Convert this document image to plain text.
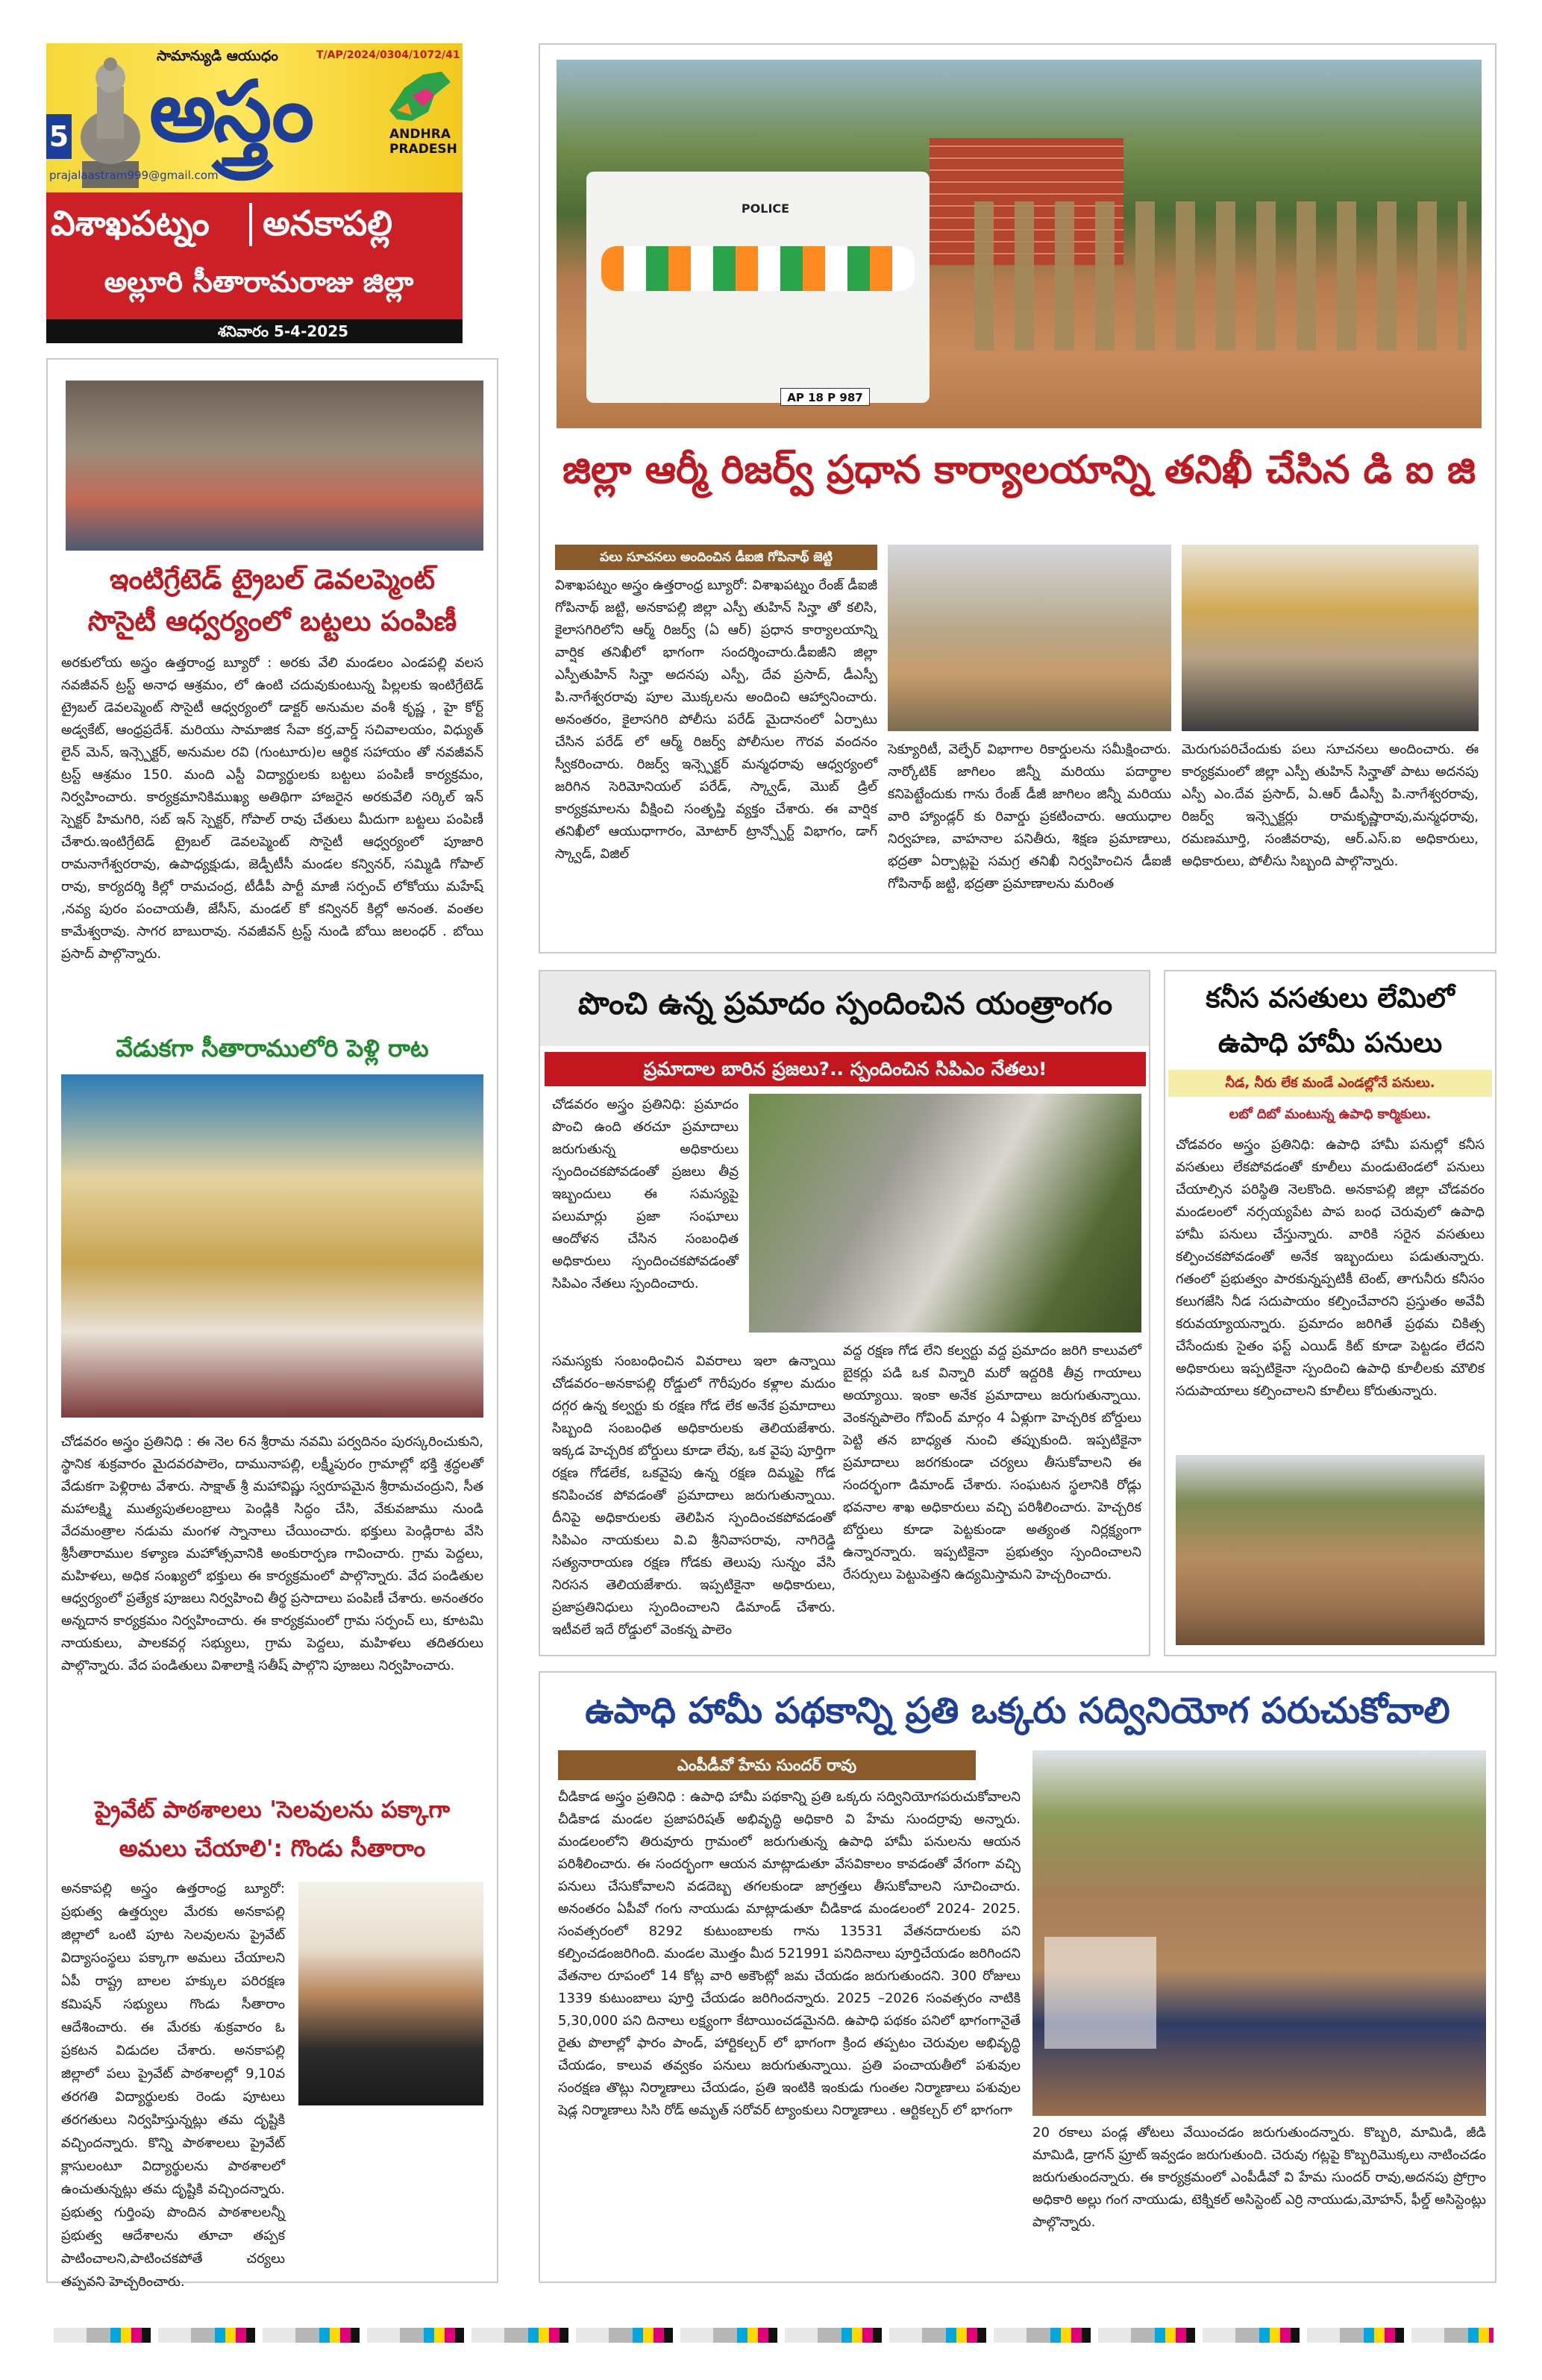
5
సామాన్యుడి ఆయుధం	T/AP/2024/0304/1072/41
అస్త్రం	ANDHRA PRADESH
prajalaastram999@gmail.com
విశాఖపట్నం	అనకాపల్లి
అల్లూరి సీతారామరాజు జిల్లా
శనివారం 5-4-2025
ఇంటిగ్రేటెడ్ ట్రైబల్ డెవలప్మెంట్
సొసైటీ ఆధ్వర్యంలో బట్టలు పంపిణీ
అరకులోయ అస్త్రం ఉత్తరాంధ్ర బ్యూరో : అరకు వేలి మండలం ఎండపల్లి వలస నవజీవన్ ట్రస్ట్ అనాధ ఆశ్రమం, లో ఉంటి చదువుకుంటున్న పిల్లలకు ఇంటిగ్రేటెడ్ ట్రైబల్ డెవలప్మెంట్ సొసైటీ ఆధ్వర్యంలో డాక్టర్ అనుమల వంశీ కృష్ణ , హై కోర్ట్ అడ్వకేట్, ఆంధ్రప్రదేశ్. మరియు సామాజిక సేవా కర్త,వార్డ్ సచివాలయం, విధ్యుత్ లైన్ మెన్, ఇన్స్పెక్టర్, అనుమల రవి (గుంటూరు)ల ఆర్థిక సహాయం తో నవజీవన్ ట్రస్ట్ ఆశ్రమం 150. మంది ఎస్టీ విద్యార్థులకు బట్టలు పంపిణీ కార్యక్రమం, నిర్వహించారు. కార్యక్రమానికిముఖ్య అతిథిగా హాజరైన అరకువేలి సర్కిల్ ఇన్ స్పెక్టర్ హిమగిరి, సబ్ ఇన్ స్పెక్టర్, గోపాల్ రావు చేతులు మీదుగా బట్టలు పంపిణీ చేశారు.ఇంటిగ్రేటెడ్ ట్రైబల్ డెవలప్మెంట్ సొసైటీ ఆధ్వర్యంలో పూజారి రామనాగేశ్వరరావు, ఉపాధ్యక్షుడు, జెడ్పీటీసీ మండల కన్వినర్, సమ్మిడి గోపాల్ రావు, కార్యదర్శి కిల్లో రామచంద్ర, టీడీపీ పార్టీ మాజీ సర్పంచ్ లోకోయు మహేష్ ,నవ్య పురం పంచాయతీ, జేసీస్, మండల్ కో కన్వినర్ కిల్లో అనంత. వంతల కామేశ్వరావు. సాగర బాబురావు. నవజీవన్ ట్రస్ట్ నుండి బోయి జలంధర్ . బోయి ప్రసాద్ పాల్గొన్నారు.
వేడుకగా సీతారాములోరి పెళ్లి రాట
చోడవరం అస్త్రం ప్రతినిధి : ఈ నెల 6న శ్రీరామ నవమి పర్వదినం పురస్కరించుకుని, స్థానిక శుక్రవారం మైదవరపాలెం, దామునాపల్లి, లక్ష్మీపురం గ్రామాల్లో భక్తి శ్రద్ధలతో వేడుకగా పెళ్లిరాట వేశారు. సాక్షాత్ శ్రీ మహావిష్ణు స్వరూపమైన శ్రీరామచంద్రుని, సీత మహాలక్ష్మి ముత్యపుతలంబ్రాలు పెండ్లికి సిద్ధం చేసి, వేకువజాము నుండి వేదమంత్రాల నడుమ మంగళ స్నానాలు చేయించారు. భక్తులు పెండ్లిరాట వేసి శ్రీసీతారాముల కళ్యాణ మహోత్సవానికి అంకురార్పణ గావించారు. గ్రామ పెద్దలు, మహిళలు, అధిక సంఖ్యలో భక్తులు ఈ కార్యక్రమంలో పాల్గొన్నారు. వేద పండితుల ఆధ్వర్యంలో ప్రత్యేక పూజలు నిర్వహించి తీర్థ ప్రసాదాలు పంపిణీ చేశారు. అనంతరం అన్నదాన కార్యక్రమం నిర్వహించారు. ఈ కార్యక్రమంలో గ్రామ సర్పంచ్ లు, కూటమి నాయకులు, పాలకవర్గ సభ్యులు, గ్రామ పెద్దలు, మహిళలు తదితరులు పాల్గొన్నారు. వేద పండితులు విశాలాక్షి సతీష్ పాల్గొని పూజలు నిర్వహించారు.
ప్రైవేట్ పాఠశాలలు 'సెలవులను పక్కాగా
అమలు చేయాలి': గొండు సీతారాం
అనకాపల్లి అస్త్రం ఉత్తరాంధ్ర బ్యూరో: ప్రభుత్వ ఉత్తర్వుల మేరకు అనకాపల్లి జిల్లాలో ఒంటి పూట సెలవులను ప్రైవేట్ విద్యాసంస్థలు పక్కాగా అమలు చేయాలని ఏపీ రాష్ట్ర బాలల హక్కుల పరిరక్షణ కమిషన్ సభ్యులు గొండు సీతారాం ఆదేశించారు. ఈ మేరకు శుక్రవారం ఓ ప్రకటన విడుదల చేశారు. అనకాపల్లి జిల్లాలో పలు ప్రైవేట్ పాఠశాలల్లో 9,10వ తరగతి విద్యార్థులకు రెండు పూటలు తరగతులు నిర్వహిస్తున్నట్లు తమ దృష్టికి వచ్చిందన్నారు. కొన్ని పాఠశాలలు ప్రైవేట్ క్లాసులంటూ విద్యార్థులను పాఠశాలలో ఉంచుతున్నట్లు తమ దృష్టికి వచ్చిందన్నారు. ప్రభుత్వ గుర్తింపు పొందిన పాఠశాలలన్నీ ప్రభుత్వ ఆదేశాలను తూచా తప్పక పాటించాలని,పాటించకపోతే చర్యలు తప్పవని హెచ్చరించారు.
POLICE
AP 18 P 987
జిల్లా ఆర్మీ రిజర్వ్ ప్రధాన కార్యాలయాన్ని తనిఖీ చేసిన డి ఐ జి
పలు సూచనలు అందించిన డీఐజి గోపినాథ్ జెట్టి
విశాఖపట్నం అస్త్రం ఉత్తరాంధ్ర బ్యూరో: విశాఖపట్నం రేంజ్ డీఐజీ గోపినాథ్ జట్టి, అనకాపల్లి జిల్లా ఎస్పీ తుహిన్ సిన్హా తో కలిసి, కైలాసగిరిలోని ఆర్మ్ రిజర్వ్ (ఏ ఆర్) ప్రధాన కార్యాలయాన్ని వార్షిక తనిఖీలో భాగంగా సందర్శించారు.డీఐజీని జిల్లా ఎస్పీతుహిన్ సిన్హా అదనపు ఎస్పీ, దేవ ప్రసాద్, డీఎస్పీ పి.నాగేశ్వరరావు పూల మొక్కలను అందించి ఆహ్వానించారు. అనంతరం, కైలాసగిరి పోలీసు పరేడ్ మైదానంలో ఏర్పాటు చేసిన పరేడ్ లో ఆర్మ్ రిజర్వ్ పోలీసుల గౌరవ వందనం స్వీకరించారు. రిజర్వ్ ఇన్స్పెక్టర్ మన్మధరావు ఆధ్వర్యంలో జరిగిన సెరిమోనియల్ పరేడ్, స్క్వాడ్, మొబ్ డ్రిల్ కార్యక్రమాలను వీక్షించి సంతృప్తి వ్యక్తం చేశారు. ఈ వార్షిక తనిఖీలో ఆయుధాగారం, మోటార్ ట్రాన్స్పోర్ట్ విభాగం, డాగ్ స్క్వాడ్, విజిల్
సెక్యూరిటీ, వెల్ఫేర్ విభాగాల రికార్డులను సమీక్షించారు. నార్కోటిక్ జాగిలం జిన్నీ మరియు పదార్థాల కనిపెట్టేందుకు గాను రేంజ్ డీజీ జాగిలం జిన్నీ మరియు వారి హ్యాండ్లర్ కు రివార్డు ప్రకటించారు. ఆయుధాల నిర్వహణ, వాహనాల పనితీరు, శిక్షణ ప్రమాణాలు, భద్రతా ఏర్పాట్లపై సమగ్ర తనిఖీ నిర్వహించిన డీఐజీ గోపినాథ్ జట్టి, భద్రతా ప్రమాణాలను మరింత
మెరుగుపరిచేందుకు పలు సూచనలు అందించారు. ఈ కార్యక్రమంలో జిల్లా ఎస్పీ తుహిన్ సిన్హాతో పాటు అదనపు ఎస్పీ ఎం.దేవ ప్రసాద్, ఏ.ఆర్ డీఎస్పీ పి.నాగేశ్వరరావు, రిజర్వ్ ఇన్స్పెక్టర్లు రామకృష్ణారావు,మన్మధరావు, రమణమూర్తి, సంజీవరావు, ఆర్.ఎస్.ఐ అధికారులు, అధికారులు, పోలీసు సిబ్బంది పాల్గొన్నారు.
పొంచి ఉన్న ప్రమాదం స్పందించిన యంత్రాంగం
ప్రమాదాల బారిన ప్రజలు?.. స్పందించిన సిపిఎం నేతలు!
చోడవరం అస్త్రం ప్రతినిధి: ప్రమాదం పొంచి ఉంది తరచూ ప్రమాదాలు జరుగుతున్న అధికారులు స్పందించకపోవడంతో ప్రజలు తీవ్ర ఇబ్బందులు ఈ సమస్యపై పలుమార్లు ప్రజా సంఘాలు ఆందోళన చేసిన సంబంధిత అధికారులు స్పందించకపోవడంతో సిపిఎం నేతలు స్పందించారు.
సమస్యకు సంబంధించిన వివరాలు ఇలా ఉన్నాయి చోడవరం–అనకాపల్లి రోడ్డులో గౌరీపురం కళ్లాల మదుం దగ్గర ఉన్న కల్వర్టు కు రక్షణ గోడ లేక అనేక ప్రమాదాలు సిబ్బంది సంబంధిత అధికారులకు తెలియజేశారు. ఇక్కడ హెచ్చరిక బోర్డులు కూడా లేవు, ఒక వైపు పూర్తిగా రక్షణ గోడలేక, ఒకవైపు ఉన్న రక్షణ దిమ్మపై గోడ కనిపించక పోవడంతో ప్రమాదాలు జరుగుతున్నాయి. దీనిపై అధికారులకు తెలిపిన స్పందించకపోవడంతో సిపిఎం నాయకులు వి.వి శ్రీనివాసరావు, నాగిరెడ్డి సత్యనారాయణ రక్షణ గోడకు తెలుపు సున్నం వేసి నిరసన తెలియజేశారు. ఇప్పటికైనా అధికారులు, ప్రజాప్రతినిధులు స్పందించాలని డిమాండ్ చేశారు. ఇటీవలే ఇదే రోడ్డులో వెంకన్న పాలెం
వద్ద రక్షణ గోడ లేని కల్వర్టు వద్ద ప్రమాదం జరిగి కాలువలో బైకర్లు పడి ఒక విన్నారి మరో ఇద్దరికి తీవ్ర గాయాలు అయ్యాయి. ఇంకా అనేక ప్రమాదాలు జరుగుతున్నాయి. వెంకన్నపాలెం గోవింద్ మార్గం 4 ఏళ్లుగా హెచ్చరిక బోర్డులు పెట్టి తన బాధ్యత నుంచి తప్పుకుంది. ఇప్పటికైనా ప్రమాదాలు జరగకుండా చర్యలు తీసుకోవాలని ఈ సందర్భంగా డిమాండ్ చేశారు. సంఘటన స్థలానికి రోడ్లు భవనాల శాఖ అధికారులు వచ్చి పరిశీలించారు. హెచ్చరిక బోర్డులు కూడా పెట్టకుండా అత్యంత నిర్లక్ష్యంగా ఉన్నారన్నారు. ఇప్పటికైనా ప్రభుత్వం స్పందించాలని రేసర్సులు పెట్టుపెత్తని ఉద్యమిస్తామని హెచ్చరించారు.
కనీస వసతులు లేమిలో
ఉపాధి హామీ పనులు
నీడ, నీరు లేక మండే ఎండల్లోనే పనులు.
లబో దిబో మంటున్న ఉపాధి కార్మికులు.
చోడవరం అస్త్రం ప్రతినిధి: ఉపాధి హామీ పనుల్లో కనీస వసతులు లేకపోవడంతో కూలీలు మండుటెండలో పనులు చేయాల్సిన పరిస్థితి నెలకొంది. అనకాపల్లి జిల్లా చోడవరం మండలంలో నర్సయ్యపేట పాప బంధ చెరువులో ఉపాధి హామీ పనులు చేస్తున్నారు. వారికి సరైన వసతులు కల్పించకపోవడంతో అనేక ఇబ్బందులు పడుతున్నారు. గతంలో ప్రభుత్వం పారకున్నప్పటికీ టెంట్, తాగునీరు కనీసం కలుగజేసి నీడ సదుపాయం కల్పించేవారని ప్రస్తుతం అవేవీ కరువయ్యాయన్నారు. ప్రమాదం జరిగితే ప్రథమ చికిత్స చేసేందుకు సైతం ఫస్ట్ ఎయిడ్ కిట్ కూడా పెట్టడం లేదని అధికారులు ఇప్పటికైనా స్పందించి ఉపాధి కూలీలకు మౌలిక సదుపాయాలు కల్పించాలని కూలీలు కోరుతున్నారు.
ఉపాధి హామీ పథకాన్ని ప్రతి ఒక్కరు సద్వినియోగ పరుచుకోవాలి
ఎంపీడీవో హేమ సుందర్ రావు
చీడికాడ అస్త్రం ప్రతినిధి : ఉపాధి హామీ పథకాన్ని ప్రతి ఒక్కరు సద్వినియోగపరుచుకోవాలని చీడికాడ మండల ప్రజాపరిషత్ అభివృద్ధి అధికారి వి హేమ సుందర్రావు అన్నారు. మండలంలోని తిరువూరు గ్రామంలో జరుగుతున్న ఉపాధి హామీ పనులను ఆయన పరిశీలించారు. ఈ సందర్భంగా ఆయన మాట్లాడుతూ వేసవికాలం కావడంతో వేగంగా వచ్చి పనులు చేసుకోవాలని వడదెబ్బ తగలకుండా జాగ్రత్తలు తీసుకోవాలని సూచించారు. అనంతరం ఏపీవో గంగు నాయుడు మాట్లాడుతూ చీడికాడ మండలంలో 2024- 2025. సంవత్సరంలో 8292 కుటుంబాలకు గాను 13531 వేతనదారులకు పని కల్పించడంజరిగింది. మండల మొత్తం మీద 521991 పనిదినాలు పూర్తిచేయడం జరిగిందని వేతనాల రూపంలో 14 కోట్ల వారి అకౌంట్లో జమ చేయడం జరుగుతుందని. 300 రోజులు 1339 కుటుంబాలు పూర్తి చేయడం జరిగిందన్నారు. 2025 –2026 సంవత్సరం నాటికి 5,30,000 పని దినాలు లక్ష్యంగా కేటాయించడమైనది. ఉపాధి పథకం పనిలో భాగంగానైతే రైతు పొలాల్లో ఫారం పాండ్, హార్టికల్చర్ లో భాగంగా క్రింద తప్పటం చెరువుల అభివృద్ధి చేయడం, కాలువ తవ్వకం పనులు జరుగుతున్నాయి. ప్రతి పంచాయతీలో పశువుల సంరక్షణ తొట్లు నిర్మాణాలు చేయడం, ప్రతి ఇంటికి ఇంకుడు గుంతల నిర్మాణాలు పశువుల షెడ్ల నిర్మాణాలు సిసి రోడ్ అమృత్ సరోవర్ ట్యాంకులు నిర్మాణాలు . ఆర్టికల్చర్ లో భాగంగా
20 రకాలు పండ్ల తోటలు వేయించడం జరుగుతుందన్నారు. కొబ్బరి, మామిడి, జీడి మామిడి, డ్రాగన్ ఫ్రూట్ ఇవ్వడం జరుగుతుంది. చెరువు గట్లపై కొబ్బరిమొక్కలు నాటించడం జరుగుతుందన్నారు. ఈ కార్యక్రమంలో ఎంపీడీవో వి హేమ సుందర్ రావు,అదనపు ప్రోగ్రాం అధికారి అల్లు గంగ నాయుడు, టెక్నికల్ అసిస్టెంట్ ఎర్రి నాయుడు,మోహన్, ఫీల్డ్ అసిస్టెంట్లు పాల్గొన్నారు.
